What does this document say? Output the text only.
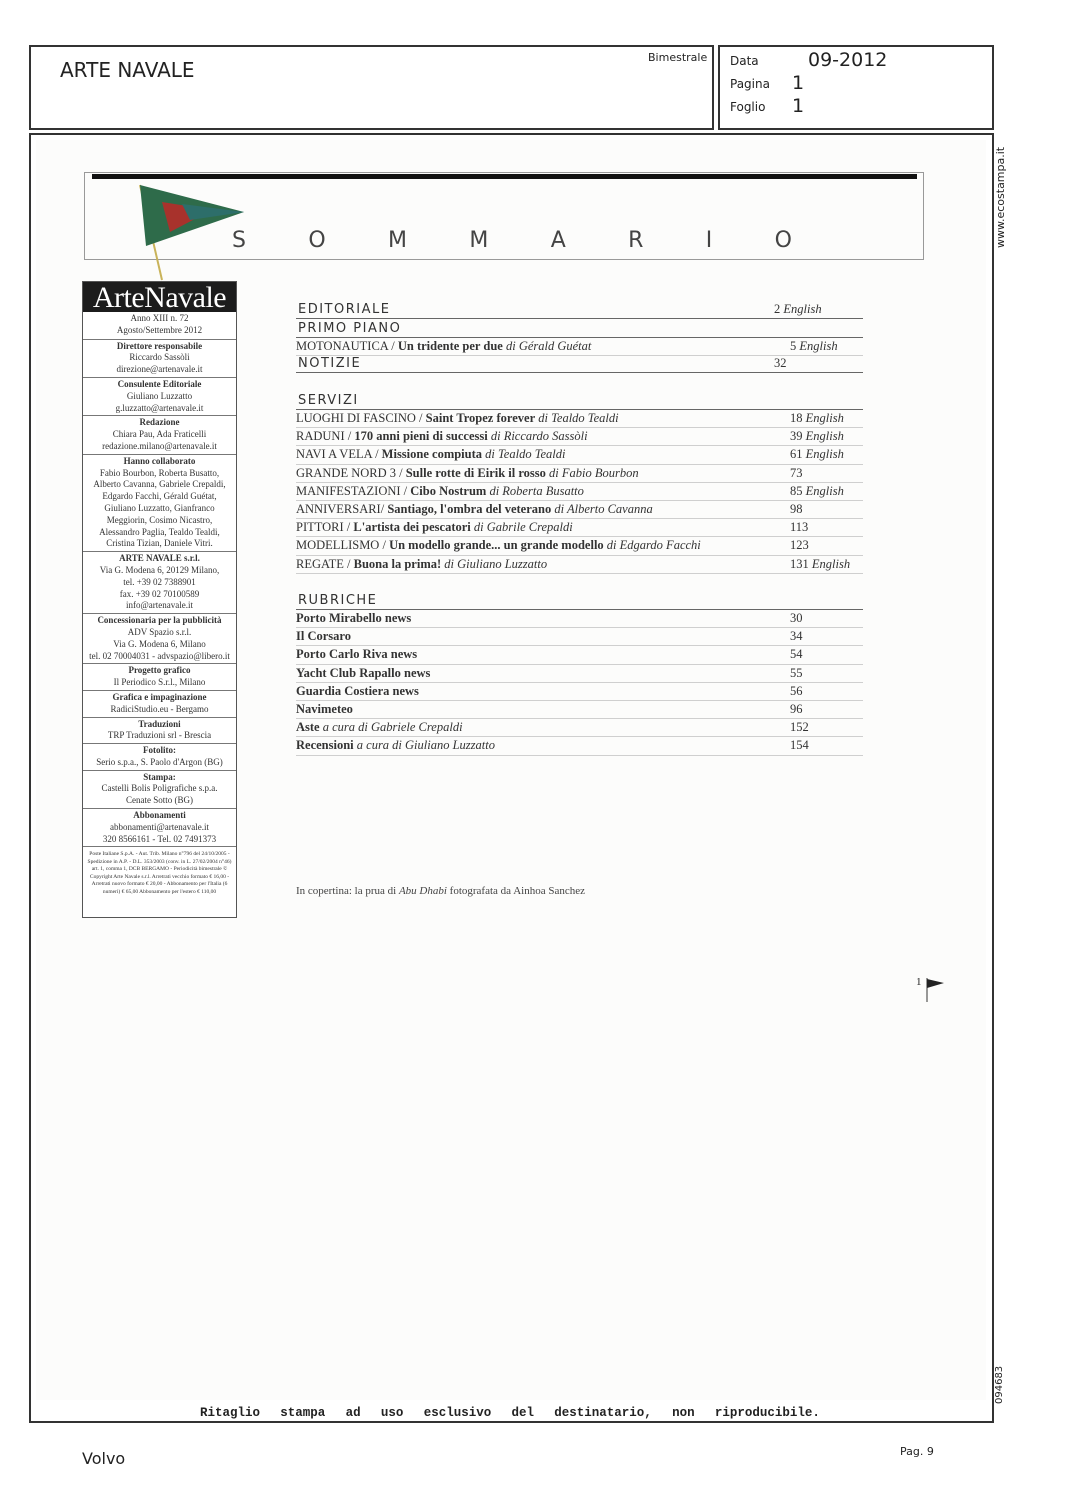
ARTE NAVALE
Bimestrale Data	09-2012
Pagina 1
Foglio 1
www.ecostampa.it
094683
S	O	M	M	A	R	I	O
ArteNavale
Anno XIII n. 72
Agosto/Settembre 2012
Direttore responsabile
Riccardo Sassòli
direzione@artenavale.it
Consulente Editoriale
Giuliano Luzzatto
g.luzzatto@artenavale.it
Redazione
Chiara Pau, Ada Fraticelli
redazione.milano@artenavale.it
Hanno collaborato
Fabio Bourbon, Roberta Busatto,
Alberto Cavanna, Gabriele Crepaldi,
Edgardo Facchi, Gérald Guétat,
Giuliano Luzzatto, Gianfranco
Meggiorin, Cosimo Nicastro,
Alessandro Paglia, Tealdo Tealdi,
Cristina Tizian, Daniele Vitri.
ARTE NAVALE s.r.l.
Via G. Modena 6, 20129 Milano,
tel. +39 02 7388901
fax. +39 02 70100589
info@artenavale.it
Concessionaria per la pubblicità
ADV Spazio s.r.l.
Via G. Modena 6, Milano
tel. 02 70004031 - advspazio@libero.it
Progetto grafico
Il Periodico S.r.l., Milano
Grafica e impaginazione
RadiciStudio.eu - Bergamo
Traduzioni
TRP Traduzioni srl - Brescia
Fotolito:
Serio s.p.a., S. Paolo d'Argon (BG)
Stampa:
Castelli Bolis Poligrafiche s.p.a.
Cenate Sotto (BG)
Abbonamenti
abbonamenti@artenavale.it
320 8566161 - Tel. 02 7491373
Poste Italiane S.p.A. - Aut. Trib. Milano n°796 del 24/10/2005 - Spedizione in A.P. - D.L. 353/2003 (conv. in L. 27/02/2004 n°46) art. 1, comma 1, DCB BERGAMO - Periodicità bimestrale © Copyright Arte Navale s.r.l. Arretrati vecchio formato € 16,00 - Arretrati nuovo formato € 20,00 - Abbonamento per l'Italia (6 numeri) € 65,00 Abbonamento per l'estero € 110,00
EDITORIALE	2 English
PRIMO PIANO
MOTONAUTICA / Un tridente per due di Gérald Guétat	5 English
NOTIZIE	32
SERVIZI
LUOGHI DI FASCINO / Saint Tropez forever di Tealdo Tealdi	18 English
RADUNI / 170 anni pieni di successi di Riccardo Sassòli	39 English
NAVI A VELA / Missione compiuta di Tealdo Tealdi	61 English
GRANDE NORD 3 / Sulle rotte di Eirik il rosso di Fabio Bourbon	73
MANIFESTAZIONI / Cibo Nostrum di Roberta Busatto	85 English
ANNIVERSARI/ Santiago, l'ombra del veterano di Alberto Cavanna	98
PITTORI / L'artista dei pescatori di Gabrile Crepaldi	113
MODELLISMO / Un modello grande... un grande modello di Edgardo Facchi	123
REGATE / Buona la prima! di Giuliano Luzzatto	131 English
RUBRICHE
Porto Mirabello news	30
Il Corsaro	34
Porto Carlo Riva news	54
Yacht Club Rapallo news	55
Guardia Costiera news	56
Navimeteo	96
Aste a cura di Gabriele Crepaldi	152
Recensioni a cura di Giuliano Luzzatto	154
In copertina: la prua di Abu Dhabi fotografata da Ainhoa Sanchez
1
Ritaglio stampa ad uso esclusivo del destinatario, non riproducibile.
Volvo	Pag. 9
